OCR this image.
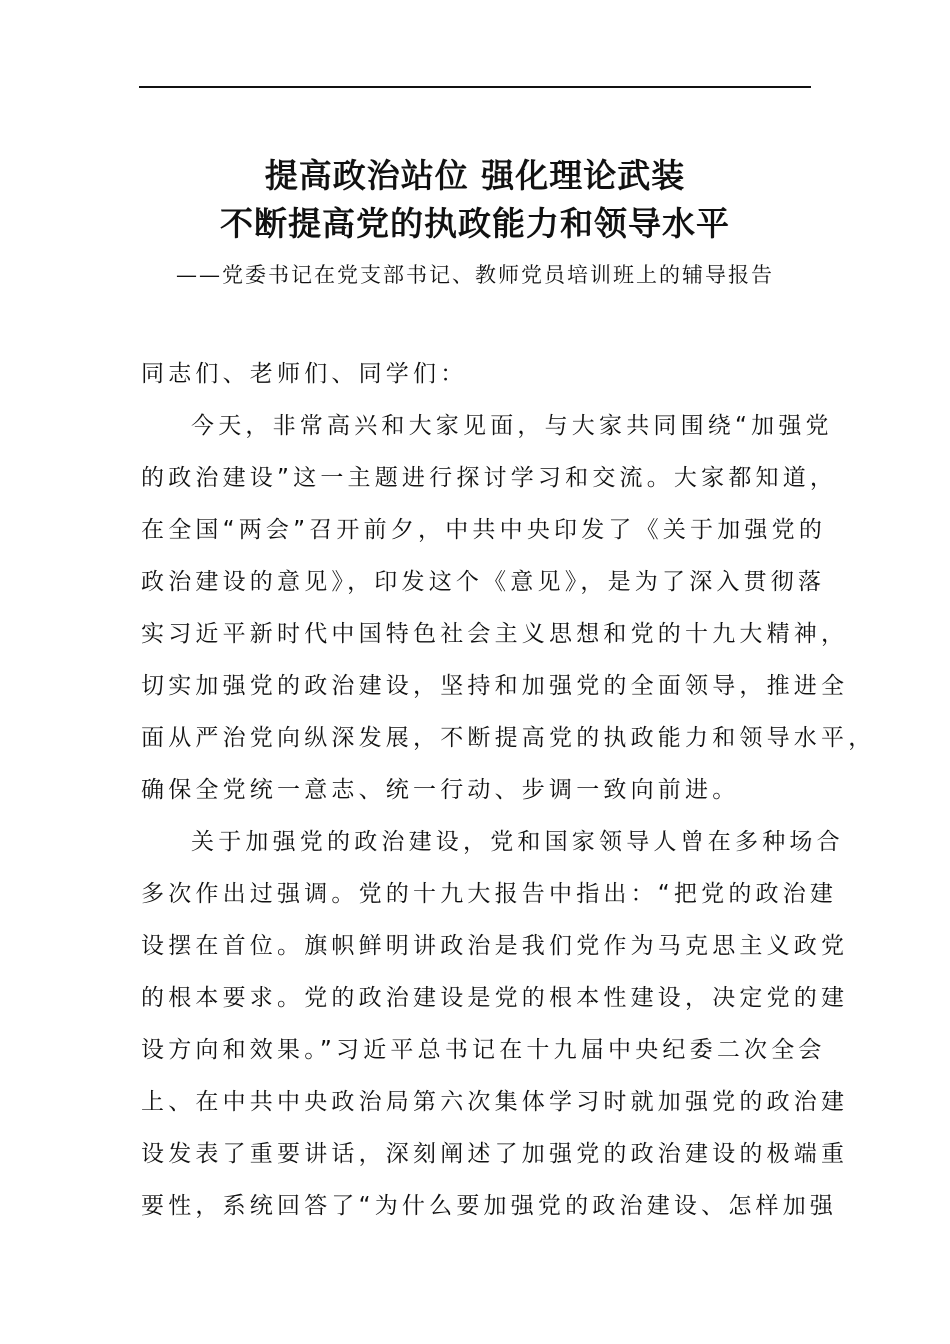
提高政治站位 强化理论武装
不断提高党的执政能力和领导水平
——党委书记在党支部书记、教师党员培训班上的辅导报告
同志们、老师们、同学们：
今天，非常高兴和大家见面，与大家共同围绕“加强党
的政治建设”这一主题进行探讨学习和交流。大家都知道，
在全国“两会”召开前夕，中共中央印发了《关于加强党的
政治建设的意见》，印发这个《意见》，是为了深入贯彻落
实习近平新时代中国特色社会主义思想和党的十九大精神，
切实加强党的政治建设，坚持和加强党的全面领导，推进全
面从严治党向纵深发展，不断提高党的执政能力和领导水平，
确保全党统一意志、统一行动、步调一致向前进。
关于加强党的政治建设，党和国家领导人曾在多种场合
多次作出过强调。党的十九大报告中指出：“把党的政治建
设摆在首位。旗帜鲜明讲政治是我们党作为马克思主义政党
的根本要求。党的政治建设是党的根本性建设，决定党的建
设方向和效果。”习近平总书记在十九届中央纪委二次全会
上、在中共中央政治局第六次集体学习时就加强党的政治建
设发表了重要讲话，深刻阐述了加强党的政治建设的极端重
要性，系统回答了“为什么要加强党的政治建设、怎样加强
